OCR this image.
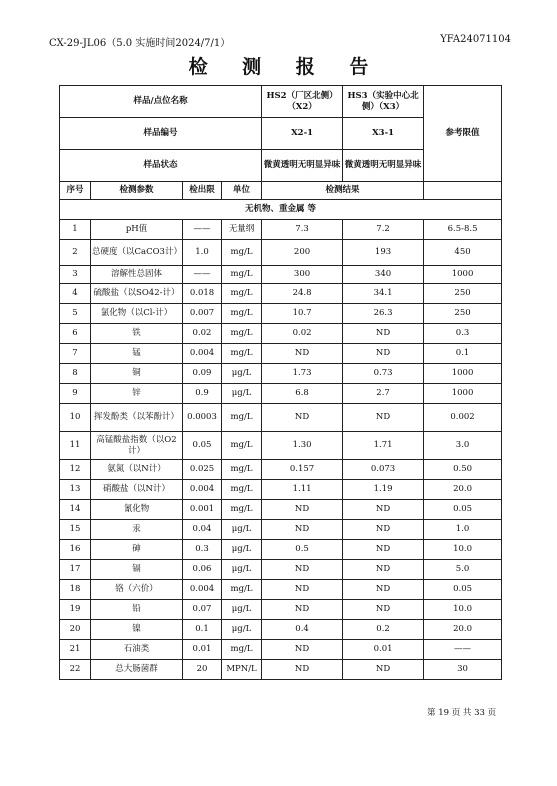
CX-29-JL06（5.0 实施时间2024/7/1）	YFA24071104
检 测 报 告
样品/点位名称				HS2（厂区北侧）（X2）	HS3（实验中心北侧）（X3）	参考限值
样品编号				X2-1	X3-1	
样品状态				微黄透明无明显异味	微黄透明无明显异味	
序号	检测参数	检出限	单位	检测结果		
无机物、重金属 等						
1	pH值	——	无量纲	7.3	7.2	6.5-8.5
2	总硬度（以CaCO3计）	1.0	mg/L	200	193	450
3	溶解性总固体	——	mg/L	300	340	1000
4	硫酸盐（以SO42-计）	0.018	mg/L	24.8	34.1	250
5	氯化物（以Cl-计）	0.007	mg/L	10.7	26.3	250
6	铁	0.02	mg/L	0.02	ND	0.3
7	锰	0.004	mg/L	ND	ND	0.1
8	铜	0.09	μg/L	1.73	0.73	1000
9	锌	0.9	μg/L	6.8	2.7	1000
10	挥发酚类（以苯酚计）	0.0003	mg/L	ND	ND	0.002
11	高锰酸盐指数（以O2计）	0.05	mg/L	1.30	1.71	3.0
12	氨氮（以N计）	0.025	mg/L	0.157	0.073	0.50
13	硝酸盐（以N计）	0.004	mg/L	1.11	1.19	20.0
14	氰化物	0.001	mg/L	ND	ND	0.05
15	汞	0.04	μg/L	ND	ND	1.0
16	砷	0.3	μg/L	0.5	ND	10.0
17	镉	0.06	μg/L	ND	ND	5.0
18	铬（六价）	0.004	mg/L	ND	ND	0.05
19	铅	0.07	μg/L	ND	ND	10.0
20	镍	0.1	μg/L	0.4	0.2	20.0
21	石油类	0.01	mg/L	ND	0.01	——
22	总大肠菌群	20	MPN/L	ND	ND	30
第 19 页 共 33 页
